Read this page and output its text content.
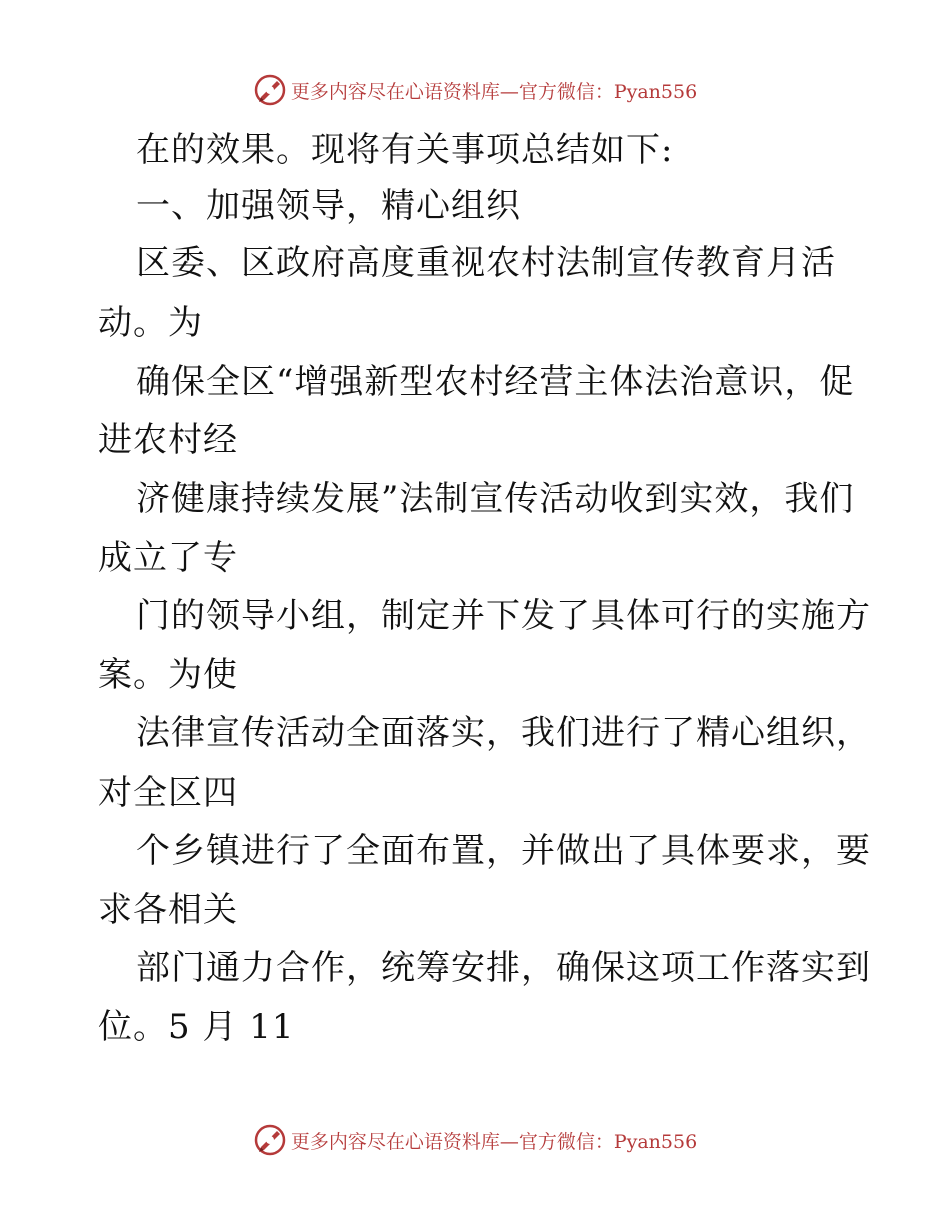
更多内容尽在心语资料库—官方微信：Pyan556
在的效果。现将有关事项总结如下:
一、加强领导，精心组织
区委、区政府高度重视农村法制宣传教育月活
动。为
确保全区“增强新型农村经营主体法治意识，促
进农村经
济健康持续发展”法制宣传活动收到实效，我们
成立了专
门的领导小组，制定并下发了具体可行的实施方
案。为使
法律宣传活动全面落实，我们进行了精心组织，
对全区四
个乡镇进行了全面布置，并做出了具体要求，要
求各相关
部门通力合作，统筹安排，确保这项工作落实到
位。5 月 11
更多内容尽在心语资料库—官方微信：Pyan556
